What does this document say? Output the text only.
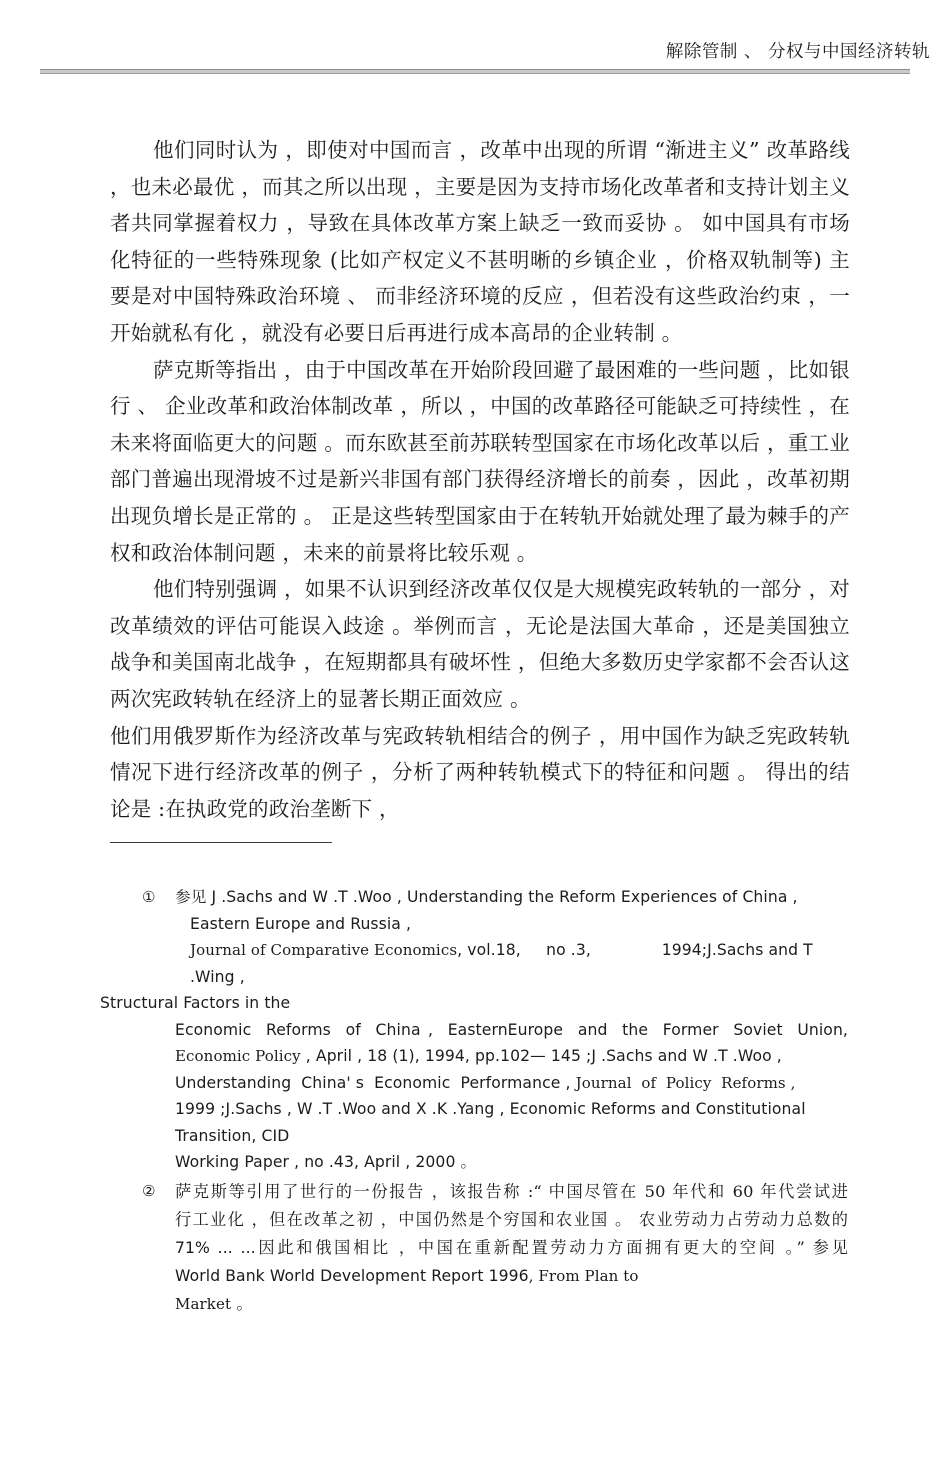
解除管制 、 分权与中国经济转轨

他们同时认为 ，即使对中国而言 ，改革中出现的所谓 “渐进主义” 改革路线 ，也未必最优 ，而其之所以出现 ，主要是因为支持市场化改革者和支持计划主义者共同掌握着权力 ，导致在具体改革方案上缺乏一致而妥协 。 如中国具有市场化特征的一些特殊现象 (比如产权定义不甚明晰的乡镇企业 ，价格双轨制等) 主要是对中国特殊政治环境 、 而非经济环境的反应 ，但若没有这些政治约束 ，一开始就私有化 ，就没有必要日后再进行成本高昂的企业转制 。

萨克斯等指出 ，由于中国改革在开始阶段回避了最困难的一些问题 ，比如银行 、 企业改革和政治体制改革 ，所以 ，中国的改革路径可能缺乏可持续性 ，在未来将面临更大的问题 。而东欧甚至前苏联转型国家在市场化改革以后 ，重工业部门普遍出现滑坡不过是新兴非国有部门获得经济增长的前奏 ，因此 ，改革初期出现负增长是正常的 。 正是这些转型国家由于在转轨开始就处理了最为棘手的产权和政治体制问题 ，未来的前景将比较乐观 。

他们特别强调 ，如果不认识到经济改革仅仅是大规模宪政转轨的一部分 ，对改革绩效的评估可能误入歧途 。举例而言 ，无论是法国大革命 ，还是美国独立战争和美国南北战争 ，在短期都具有破坏性 ，但绝大多数历史学家都不会否认这两次宪政转轨在经济上的显著长期正面效应 。

他们用俄罗斯作为经济改革与宪政转轨相结合的例子 ，用中国作为缺乏宪政转轨情况下进行经济改革的例子 ，分析了两种转轨模式下的特征和问题 。 得出的结论是 :在执政党的政治垄断下 ，

①	参见 J .Sachs and W .T .Woo , Understanding the Reform Experiences of China ,
Eastern Europe and Russia ,
Journal of Comparative Economics, vol.18,     no .3,              1994;J.Sachs and T .Wing ,
Structural Factors in the
Economic  Reforms  of  China ,  EasternEurope  and  the  Former  Soviet  Union,
Economic Policy , April , 18 (1), 1994, pp.102— 145 ;J .Sachs and W .T .Woo ,
Understanding  China' s  Economic  Performance , Journal  of  Policy  Reforms ,
1999 ;J.Sachs , W .T .Woo and X .K .Yang , Economic Reforms and Constitutional
Transition, CID
Working Paper , no .43, April , 2000 。
②	萨克斯等引用了世行的一份报告 ，该报告称 :“ 中国尽管在 50 年代和 60 年代尝试进
行工业化 ，但在改革之初 ，中国仍然是个穷国和农业国 。 农业劳动力占劳动力总数的
71% ... ...因此和俄国相比 ，中国在重新配置劳动力方面拥有更大的空间 。” 参见
World Bank World Development Report 1996, From Plan to
Market 。
